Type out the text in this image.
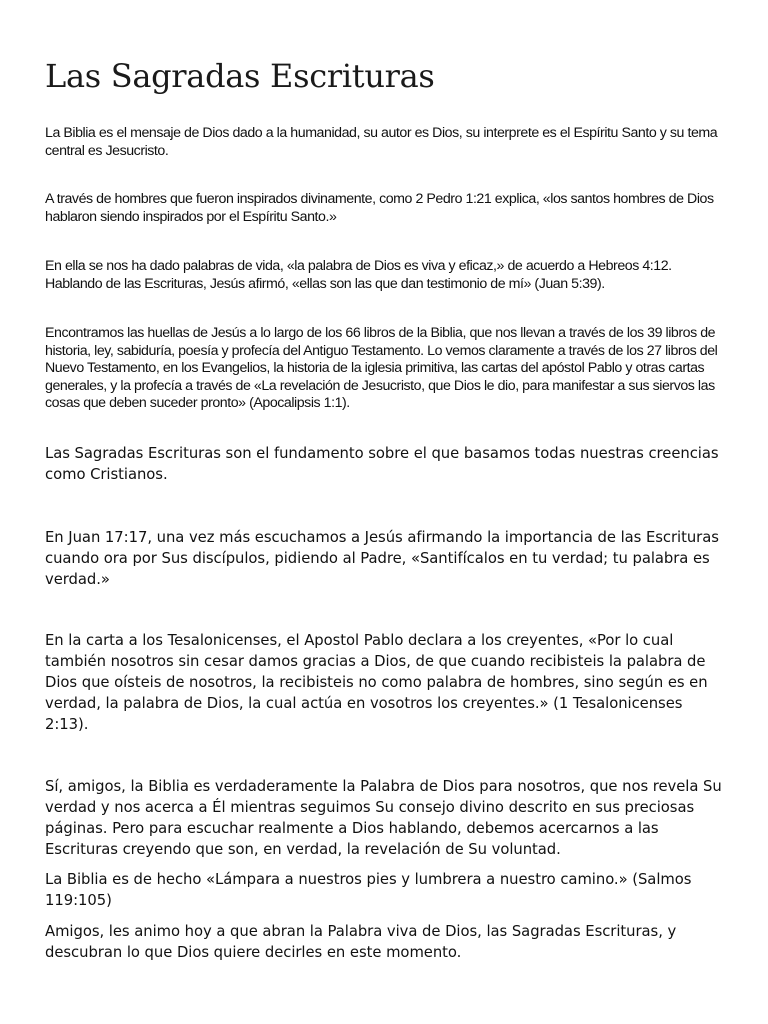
Las Sagradas Escrituras

La Biblia es el mensaje de Dios dado a la humanidad, su autor es Dios, su interprete es el Espíritu Santo y su tema central es Jesucristo.

A través de hombres que fueron inspirados divinamente, como 2 Pedro 1:21 explica, «los santos hombres de Dios hablaron siendo inspirados por el Espíritu Santo.»

En ella se nos ha dado palabras de vida, «la palabra de Dios es viva y eficaz,» de acuerdo a Hebreos 4:12. Hablando de las Escrituras, Jesús afirmó, «ellas son las que dan testimonio de mí» (Juan 5:39).

Encontramos las huellas de Jesús a lo largo de los 66 libros de la Biblia, que nos llevan a través de los 39 libros de historia, ley, sabiduría, poesía y profecía del Antiguo Testamento. Lo vemos claramente a través de los 27 libros del Nuevo Testamento, en los Evangelios, la historia de la iglesia primitiva, las cartas del apóstol Pablo y otras cartas generales, y la profecía a través de «La revelación de Jesucristo, que Dios le dio, para manifestar a sus siervos las cosas que deben suceder pronto» (Apocalipsis 1:1).

Las Sagradas Escrituras son el fundamento sobre el que basamos todas nuestras creencias como Cristianos.

En Juan 17:17, una vez más escuchamos a Jesús afirmando la importancia de las Escrituras cuando ora por Sus discípulos, pidiendo al Padre, «Santifícalos en tu verdad; tu palabra es verdad.»

En la carta a los Tesalonicenses, el Apostol Pablo declara a los creyentes, «Por lo cual también nosotros sin cesar damos gracias a Dios, de que cuando recibisteis la palabra de Dios que oísteis de nosotros, la recibisteis no como palabra de hombres, sino según es en verdad, la palabra de Dios, la cual actúa en vosotros los creyentes.» (1 Tesalonicenses 2:13).

Sí, amigos, la Biblia es verdaderamente la Palabra de Dios para nosotros, que nos revela Su verdad y nos acerca a Él mientras seguimos Su consejo divino descrito en sus preciosas páginas. Pero para escuchar realmente a Dios hablando, debemos acercarnos a las Escrituras creyendo que son, en verdad, la revelación de Su voluntad.

La Biblia es de hecho «Lámpara a nuestros pies y lumbrera a nuestro camino.» (Salmos 119:105)

Amigos, les animo hoy a que abran la Palabra viva de Dios, las Sagradas Escrituras, y descubran lo que Dios quiere decirles en este momento.
